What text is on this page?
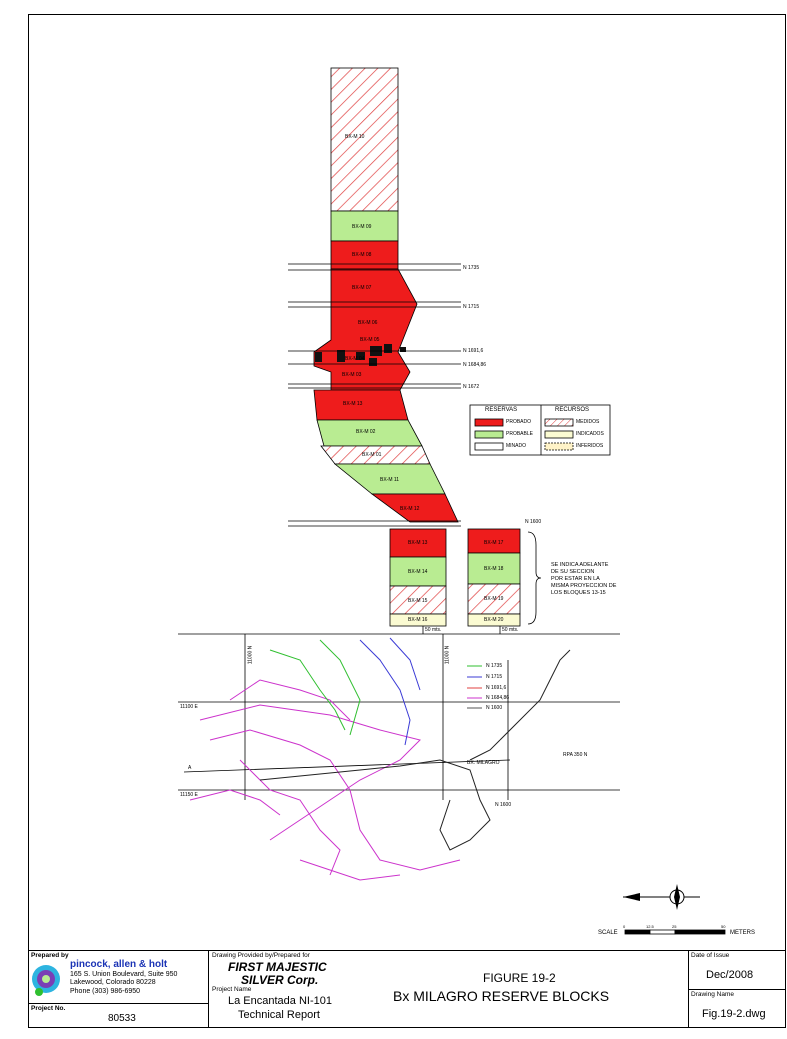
BX-M 10
BX-M 09
BX-M 08
BX-M 07
BX-M 06
BX-M 05
BX-M 04
BX-M 03
BX-M 13
BX-M 02
BX-M 01
BX-M 11
BX-M 12
BX-M 13
BX-M 14
BX-M 15
BX-M 16
BX-M 17
BX-M 18
BX-M 19
BX-M 20
50 mts.	50 mts.
N 1735
N 1715
N 1691,6
N 1684,86
N 1672
N 1600
RESERVAS	RECURSOS
PROBADO
PROBABLE
MINADO
MEDIDOS
INDICADOS
INFERIDOS
SE INDICA ADELANTE
DE SU SECCION
POR ESTAR EN LA
MISMA PROYECCION DE
LOS BLOQUES 13-15
11000 N	11000 N
11100 E
11150 E
A
BX. MILAGRO
RPA 350 N
N 1600
N 1735
N 1715
N 1691,6
N 1684,86
N 1600
SCALE
0	12.5	25	50
METERS
Prepared by
pincock, allen & holt
165 S. Union Boulevard, Suite 950
Lakewood, Colorado 80228
Phone (303) 986-6950
Project No.
80533
Drawing Provided by/Prepared for
FIRST MAJESTIC
SILVER Corp.
Project Name
La Encantada NI-101
Technical Report
FIGURE 19-2
Bx MILAGRO RESERVE BLOCKS
Date of Issue
Dec/2008
Drawing Name
Fig.19-2.dwg
